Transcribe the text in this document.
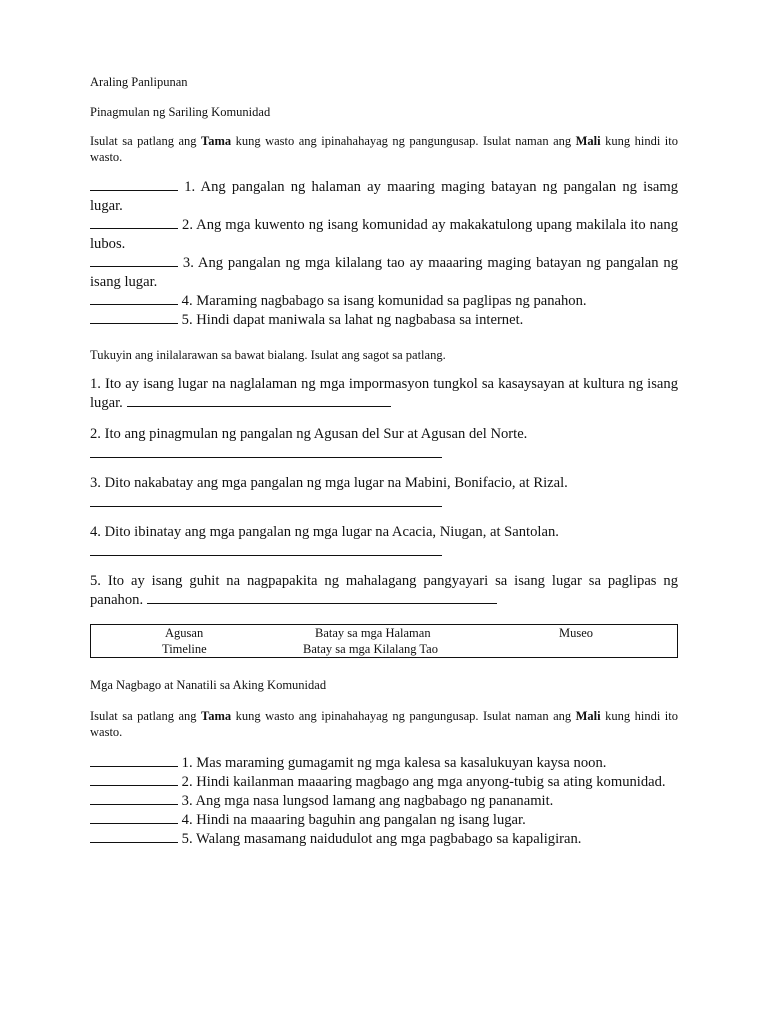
Araling Panlipunan
Pinagmulan ng Sariling Komunidad
Isulat sa patlang ang Tama kung wasto ang ipinahahayag ng pangungusap. Isulat naman ang Mali kung hindi ito wasto.
1. Ang pangalan ng halaman ay maaring maging batayan ng pangalan ng isamg lugar.
2. Ang mga kuwento ng isang komunidad ay makakatulong upang makilala ito nang lubos.
3. Ang pangalan ng mga kilalang tao ay maaaring maging batayan ng pangalan ng isang lugar.
4. Maraming nagbabago sa isang komunidad sa paglipas ng panahon.
5. Hindi dapat maniwala sa lahat ng nagbabasa sa internet.
Tukuyin ang inilalarawan sa bawat bialang. Isulat ang sagot sa patlang.
1. Ito ay isang lugar na naglalaman ng mga impormasyon tungkol sa kasaysayan at kultura ng isang lugar.
2. Ito ang pinagmulan ng pangalan ng Agusan del Sur at Agusan del Norte.
3. Dito nakabatay ang mga pangalan ng mga lugar na Mabini, Bonifacio, at Rizal.
4. Dito ibinatay ang mga pangalan ng mga lugar na Acacia, Niugan, at Santolan.
5. Ito ay isang guhit na nagpapakita ng mahalagang pangyayari sa isang lugar sa paglipas ng panahon.
Agusan	Batay sa mga Halaman	Museo
Timeline	Batay sa mga Kilalang Tao
Mga Nagbago at Nanatili sa Aking Komunidad
Isulat sa patlang ang Tama kung wasto ang ipinahahayag ng pangungusap. Isulat naman ang Mali kung hindi ito wasto.
1. Mas maraming gumagamit ng mga kalesa sa kasalukuyan kaysa noon.
2. Hindi kailanman maaaring magbago ang mga anyong-tubig sa ating komunidad.
3. Ang mga nasa lungsod lamang ang nagbabago ng pananamit.
4. Hindi na maaaring baguhin ang pangalan ng isang lugar.
5. Walang masamang naidudulot ang mga pagbabago sa kapaligiran.
